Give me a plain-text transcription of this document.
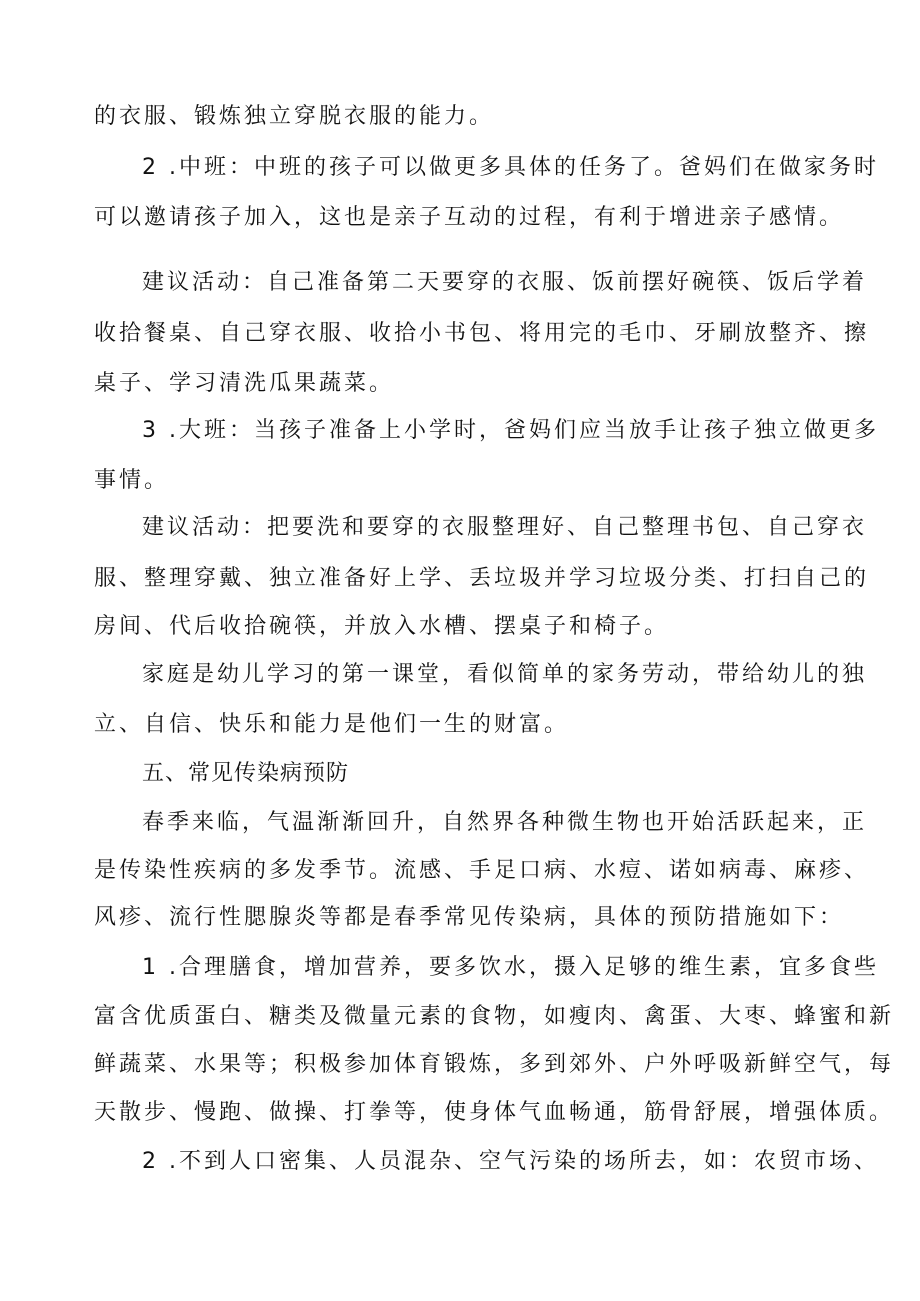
的衣服、锻炼独立穿脱衣服的能力。
2 .中班：中班的孩子可以做更多具体的任务了。爸妈们在做家务时
可以邀请孩子加入，这也是亲子互动的过程，有利于增进亲子感情。
建议活动：自己准备第二天要穿的衣服、饭前摆好碗筷、饭后学着
收拾餐桌、自己穿衣服、收拾小书包、将用完的毛巾、牙刷放整齐、擦
桌子、学习清洗瓜果蔬菜。
3 .大班：当孩子准备上小学时，爸妈们应当放手让孩子独立做更多
事情。
建议活动：把要洗和要穿的衣服整理好、自己整理书包、自己穿衣
服、整理穿戴、独立准备好上学、丢垃圾并学习垃圾分类、打扫自己的
房间、代后收拾碗筷，并放入水槽、摆桌子和椅子。
家庭是幼儿学习的第一课堂，看似简单的家务劳动，带给幼儿的独
立、自信、快乐和能力是他们一生的财富。
五、常见传染病预防
春季来临，气温渐渐回升，自然界各种微生物也开始活跃起来，正
是传染性疾病的多发季节。流感、手足口病、水痘、诺如病毒、麻疹、
风疹、流行性腮腺炎等都是春季常见传染病，具体的预防措施如下：
1 .合理膳食，增加营养，要多饮水，摄入足够的维生素，宜多食些
富含优质蛋白、糖类及微量元素的食物，如瘦肉、禽蛋、大枣、蜂蜜和新
鲜蔬菜、水果等；积极参加体育锻炼，多到郊外、户外呼吸新鲜空气，每
天散步、慢跑、做操、打拳等，使身体气血畅通，筋骨舒展，增强体质。
2 .不到人口密集、人员混杂、空气污染的场所去，如：农贸市场、
